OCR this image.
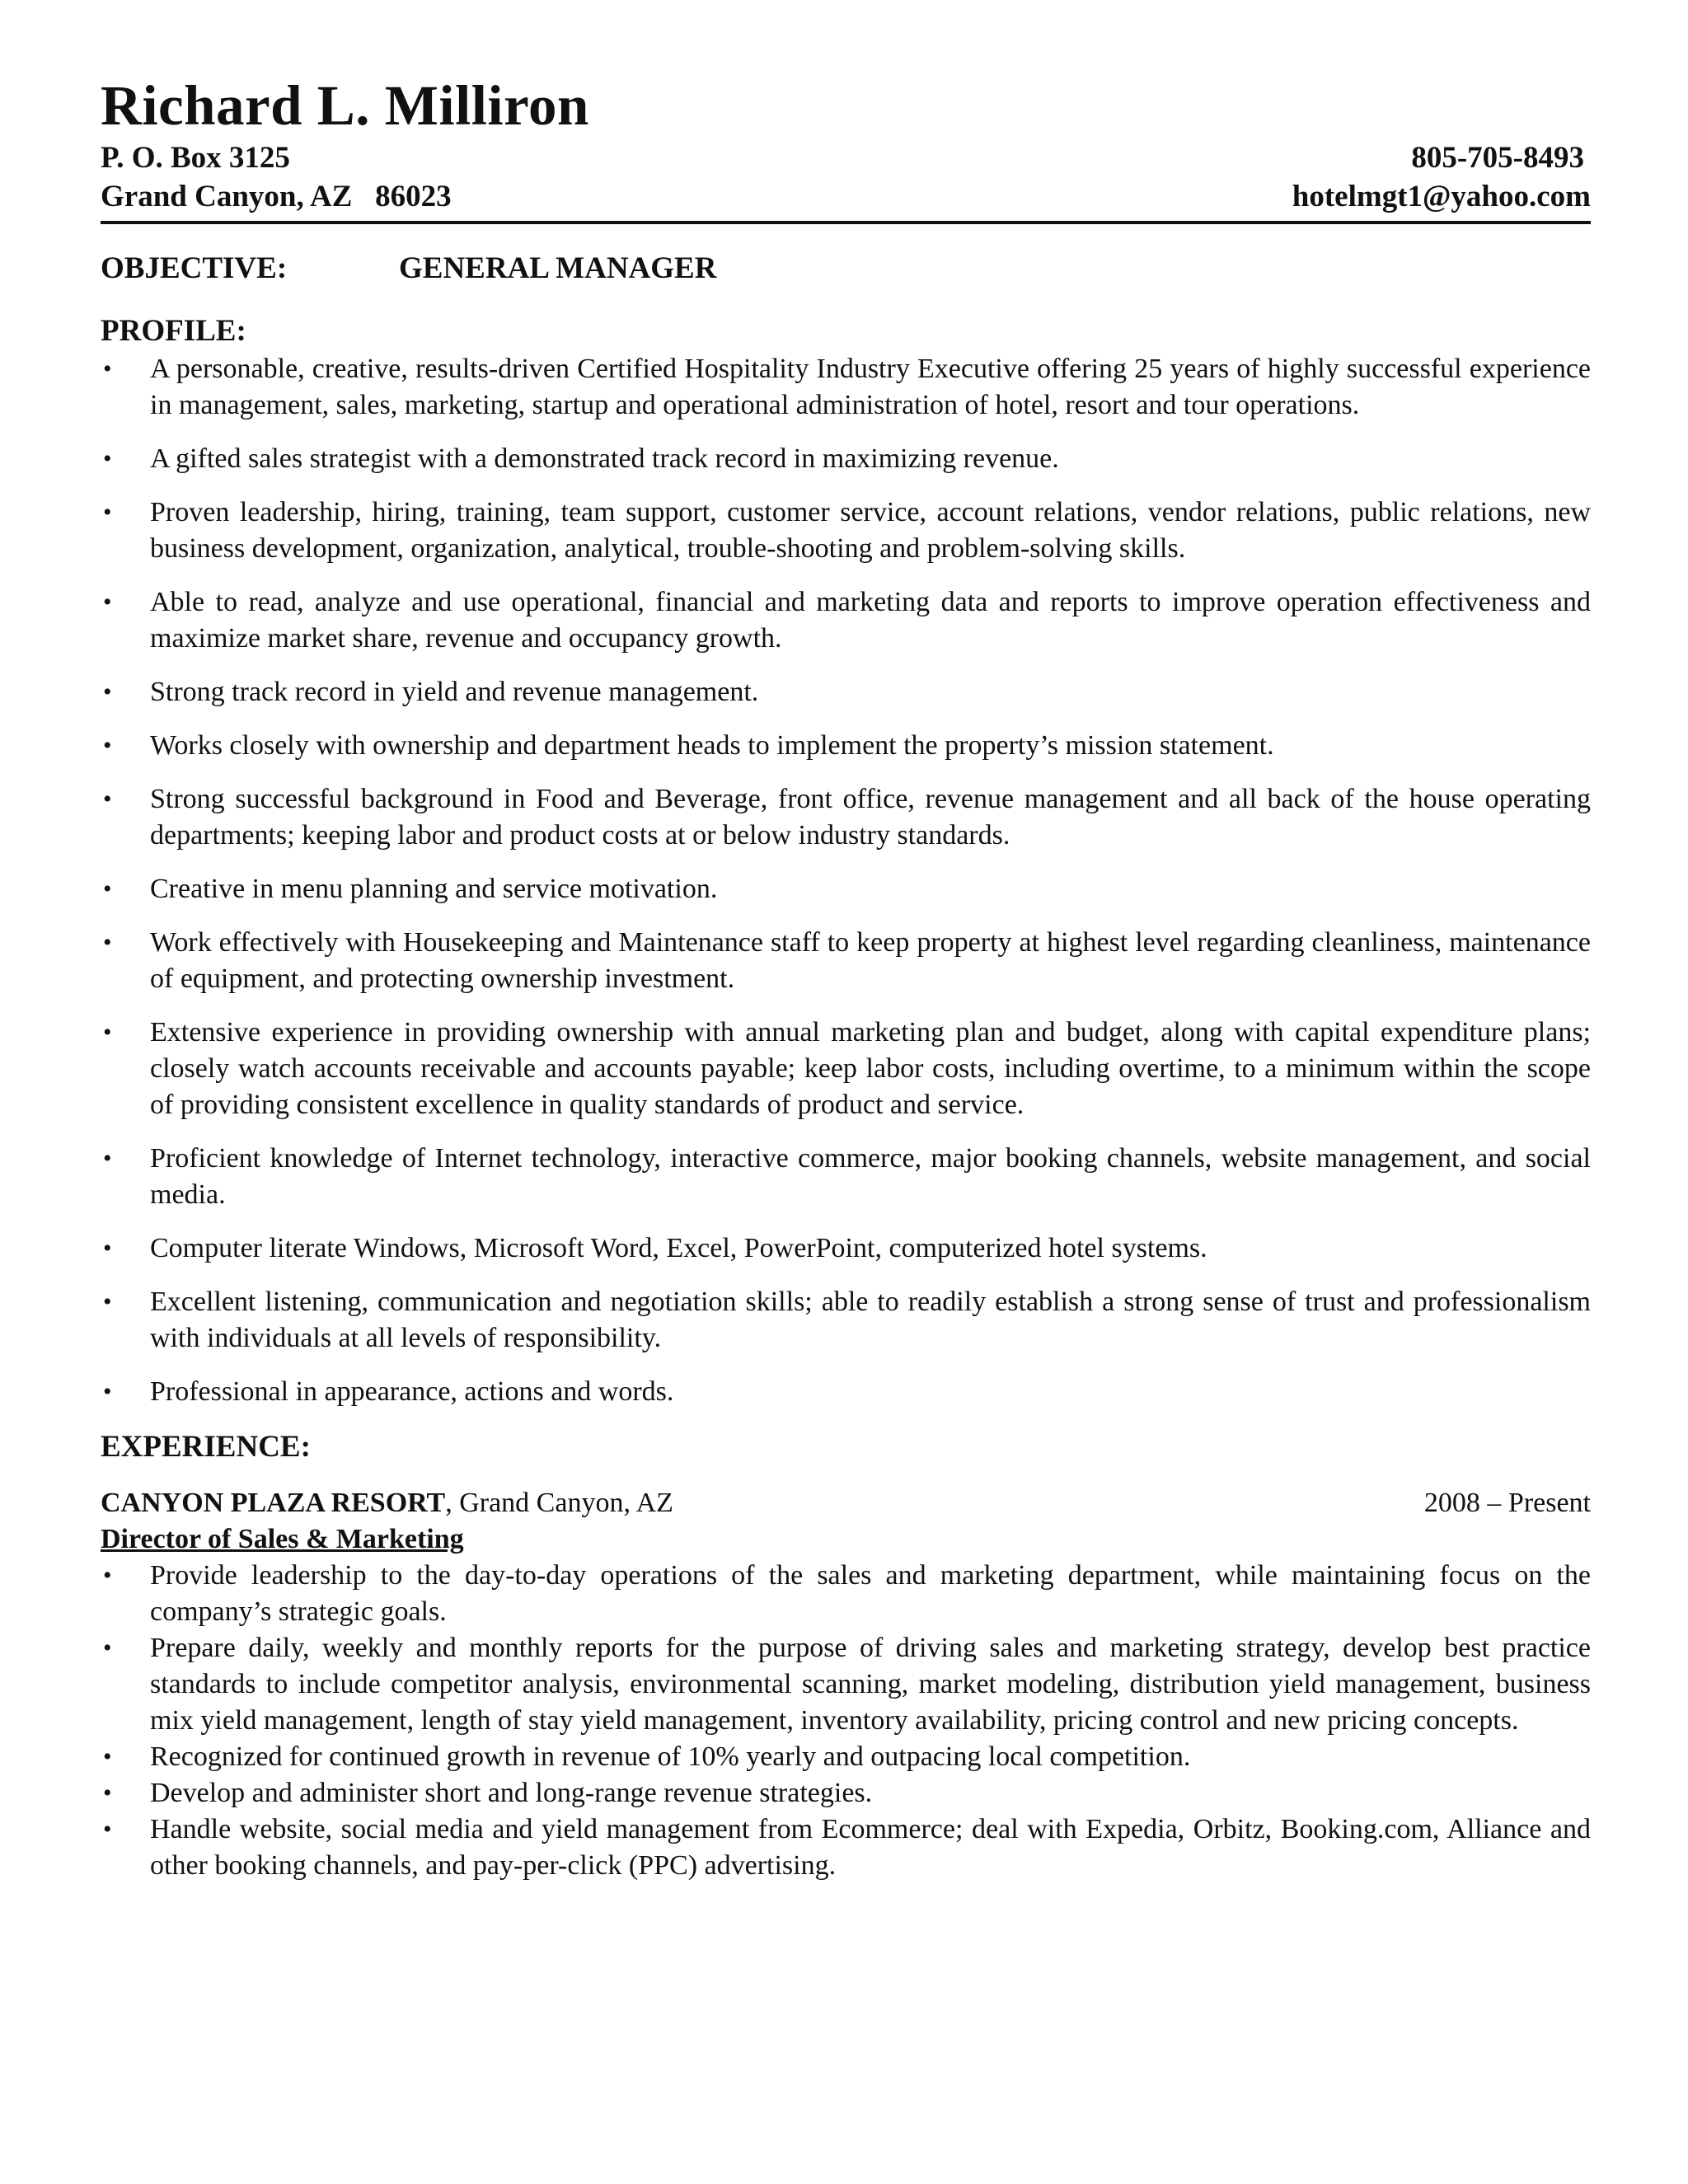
Richard L. Milliron
P. O. Box 3125	805-705-8493
Grand Canyon, AZ   86023	hotelmgt1@yahoo.com
OBJECTIVE:	GENERAL MANAGER
PROFILE:
• A personable, creative, results-driven Certified Hospitality Industry Executive offering 25 years of highly successful experience in management, sales, marketing, startup and operational administration of hotel, resort and tour operations.
• A gifted sales strategist with a demonstrated track record in maximizing revenue.
• Proven leadership, hiring, training, team support, customer service, account relations, vendor relations, public relations, new business development, organization, analytical, trouble-shooting and problem-solving skills.
• Able to read, analyze and use operational, financial and marketing data and reports to improve operation effectiveness and maximize market share, revenue and occupancy growth.
• Strong track record in yield and revenue management.
• Works closely with ownership and department heads to implement the property’s mission statement.
• Strong successful background in Food and Beverage, front office, revenue management and all back of the house operating departments; keeping labor and product costs at or below industry standards.
• Creative in menu planning and service motivation.
• Work effectively with Housekeeping and Maintenance staff to keep property at highest level regarding cleanliness, maintenance of equipment, and protecting ownership investment.
• Extensive experience in providing ownership with annual marketing plan and budget, along with capital expenditure plans; closely watch accounts receivable and accounts payable; keep labor costs, including overtime, to a minimum within the scope of providing consistent excellence in quality standards of product and service.
• Proficient knowledge of Internet technology, interactive commerce, major booking channels, website management, and social media.
• Computer literate Windows, Microsoft Word, Excel, PowerPoint, computerized hotel systems.
• Excellent listening, communication and negotiation skills; able to readily establish a strong sense of trust and professionalism with individuals at all levels of responsibility.
• Professional in appearance, actions and words.
EXPERIENCE:
CANYON PLAZA RESORT, Grand Canyon, AZ	2008 – Present
Director of Sales & Marketing
• Provide leadership to the day-to-day operations of the sales and marketing department, while maintaining focus on the company’s strategic goals.
• Prepare daily, weekly and monthly reports for the purpose of driving sales and marketing strategy, develop best practice standards to include competitor analysis, environmental scanning, market modeling, distribution yield management, business mix yield management, length of stay yield management, inventory availability, pricing control and new pricing concepts.
• Recognized for continued growth in revenue of 10% yearly and outpacing local competition.
• Develop and administer short and long-range revenue strategies.
• Handle website, social media and yield management from Ecommerce; deal with Expedia, Orbitz, Booking.com, Alliance and other booking channels, and pay-per-click (PPC) advertising.
